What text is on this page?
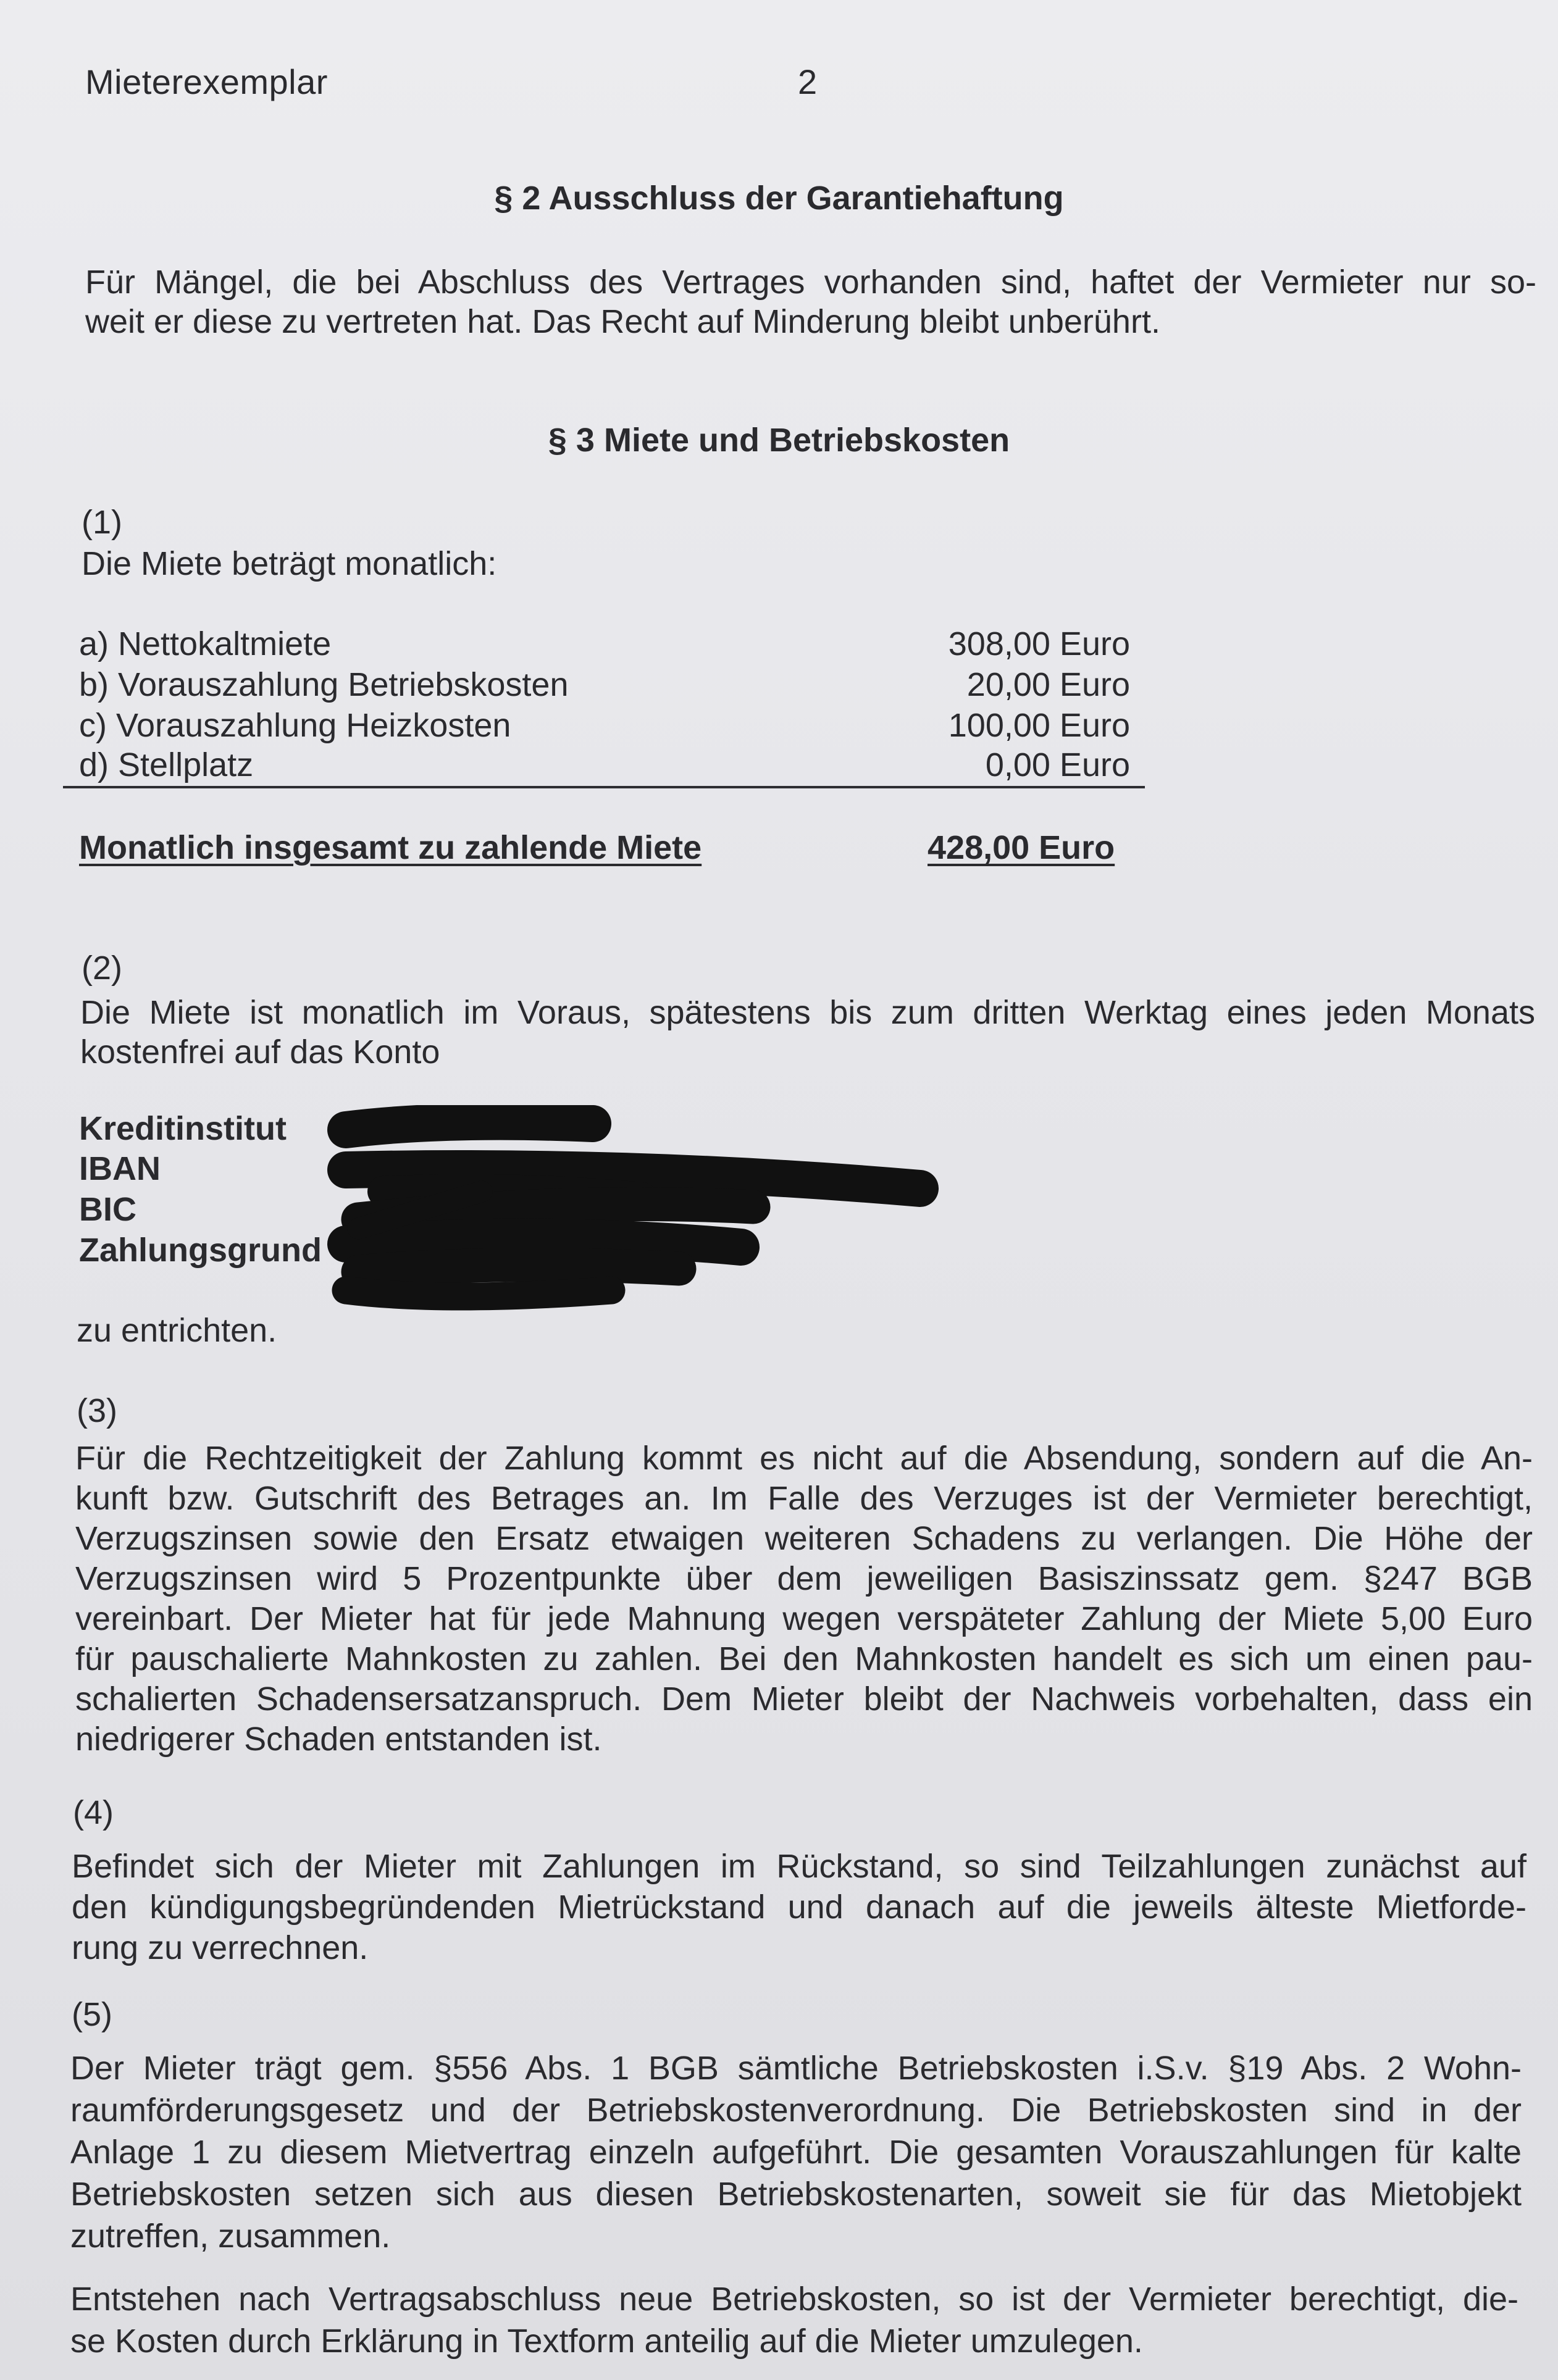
Mieterexemplar	2
§ 2 Ausschluss der Garantiehaftung
Für Mängel, die bei Abschluss des Vertrages vorhanden sind, haftet der Vermieter nur so-
weit er diese zu vertreten hat. Das Recht auf Minderung bleibt unberührt.
§ 3 Miete und Betriebskosten
(1)
Die Miete beträgt monatlich:
a) Nettokaltmiete	308,00 Euro
b) Vorauszahlung Betriebskosten	20,00 Euro
c) Vorauszahlung Heizkosten	100,00 Euro
d) Stellplatz	0,00 Euro
Monatlich insgesamt zu zahlende Miete	428,00 Euro
(2)
Die Miete ist monatlich im Voraus, spätestens bis zum dritten Werktag eines jeden Monats
kostenfrei auf das Konto
Kreditinstitut
IBAN
BIC
Zahlungsgrund
zu entrichten.
(3)
Für die Rechtzeitigkeit der Zahlung kommt es nicht auf die Absendung, sondern auf die An-
kunft bzw. Gutschrift des Betrages an. Im Falle des Verzuges ist der Vermieter berechtigt,
Verzugszinsen sowie den Ersatz etwaigen weiteren Schadens zu verlangen. Die Höhe der
Verzugszinsen wird 5 Prozentpunkte über dem jeweiligen Basiszinssatz gem. §247 BGB
vereinbart. Der Mieter hat für jede Mahnung wegen verspäteter Zahlung der Miete 5,00 Euro
für pauschalierte Mahnkosten zu zahlen. Bei den Mahnkosten handelt es sich um einen pau-
schalierten Schadensersatzanspruch. Dem Mieter bleibt der Nachweis vorbehalten, dass ein
niedrigerer Schaden entstanden ist.
(4)
Befindet sich der Mieter mit Zahlungen im Rückstand, so sind Teilzahlungen zunächst auf
den kündigungsbegründenden Mietrückstand und danach auf die jeweils älteste Mietforde-
rung zu verrechnen.
(5)
Der Mieter trägt gem. §556 Abs. 1 BGB sämtliche Betriebskosten i.S.v. §19 Abs. 2 Wohn-
raumförderungsgesetz und der Betriebskostenverordnung. Die Betriebskosten sind in der
Anlage 1 zu diesem Mietvertrag einzeln aufgeführt. Die gesamten Vorauszahlungen für kalte
Betriebskosten setzen sich aus diesen Betriebskostenarten, soweit sie für das Mietobjekt
zutreffen, zusammen.
Entstehen nach Vertragsabschluss neue Betriebskosten, so ist der Vermieter berechtigt, die-
se Kosten durch Erklärung in Textform anteilig auf die Mieter umzulegen.
